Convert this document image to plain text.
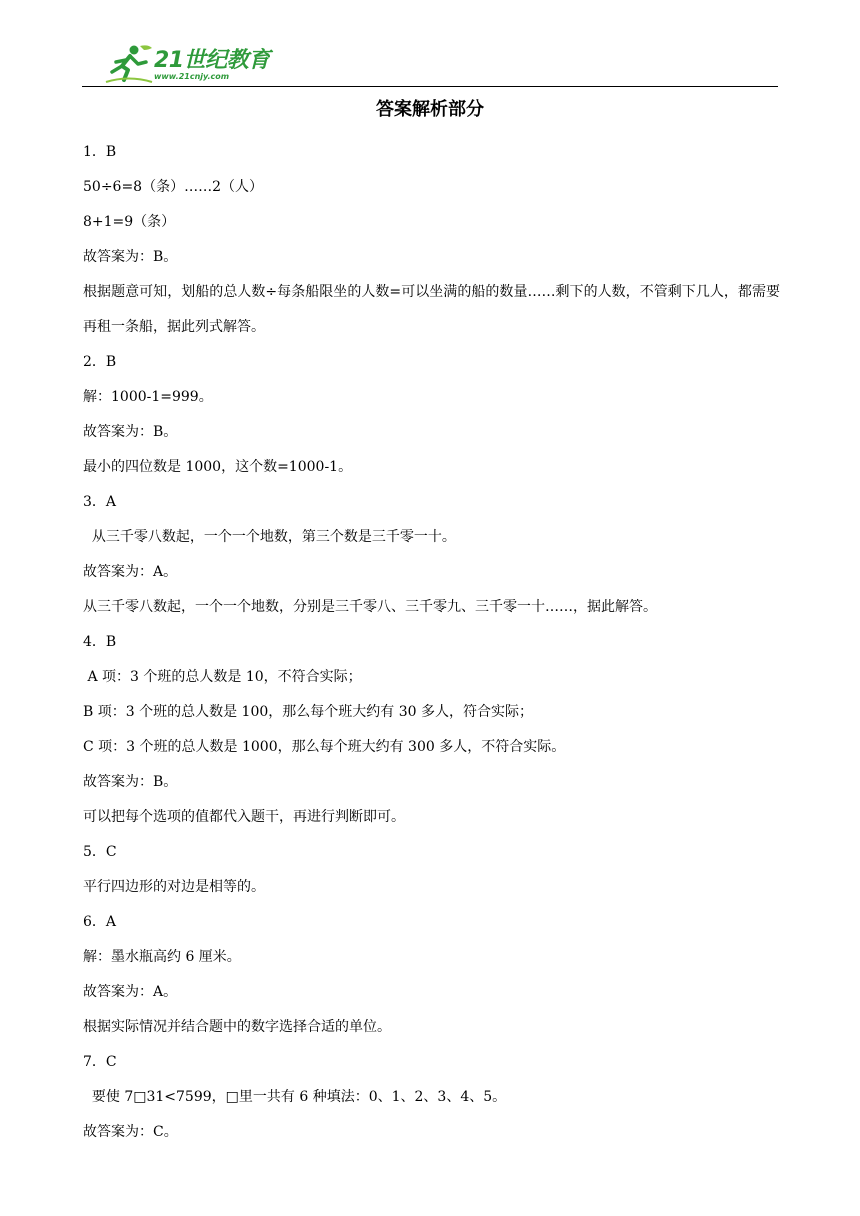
21世纪教育
www.21cnjy.com
答案解析部分
1．B
50÷6=8（条）……2（人）
8+1=9（条）
故答案为：B。
根据题意可知，划船的总人数÷每条船限坐的人数=可以坐满的船的数量……剩下的人数，不管剩下几人，都需要再租一条船，据此列式解答。
2．B
解：1000-1=999。
故答案为：B。
最小的四位数是 1000，这个数=1000-1。
3．A
从三千零八数起，一个一个地数，第三个数是三千零一十。
故答案为：A。
从三千零八数起，一个一个地数，分别是三千零八、三千零九、三千零一十……，据此解答。
4．B
A 项：3 个班的总人数是 10，不符合实际；
B 项：3 个班的总人数是 100，那么每个班大约有 30 多人，符合实际；
C 项：3 个班的总人数是 1000，那么每个班大约有 300 多人，不符合实际。
故答案为：B。
可以把每个选项的值都代入题干，再进行判断即可。
5．C
平行四边形的对边是相等的。
6．A
解：墨水瓶高约 6 厘米。
故答案为：A。
根据实际情况并结合题中的数字选择合适的单位。
7．C
要使 7□31<7599，□里一共有 6 种填法：0、1、2、3、4、5。
故答案为：C。
